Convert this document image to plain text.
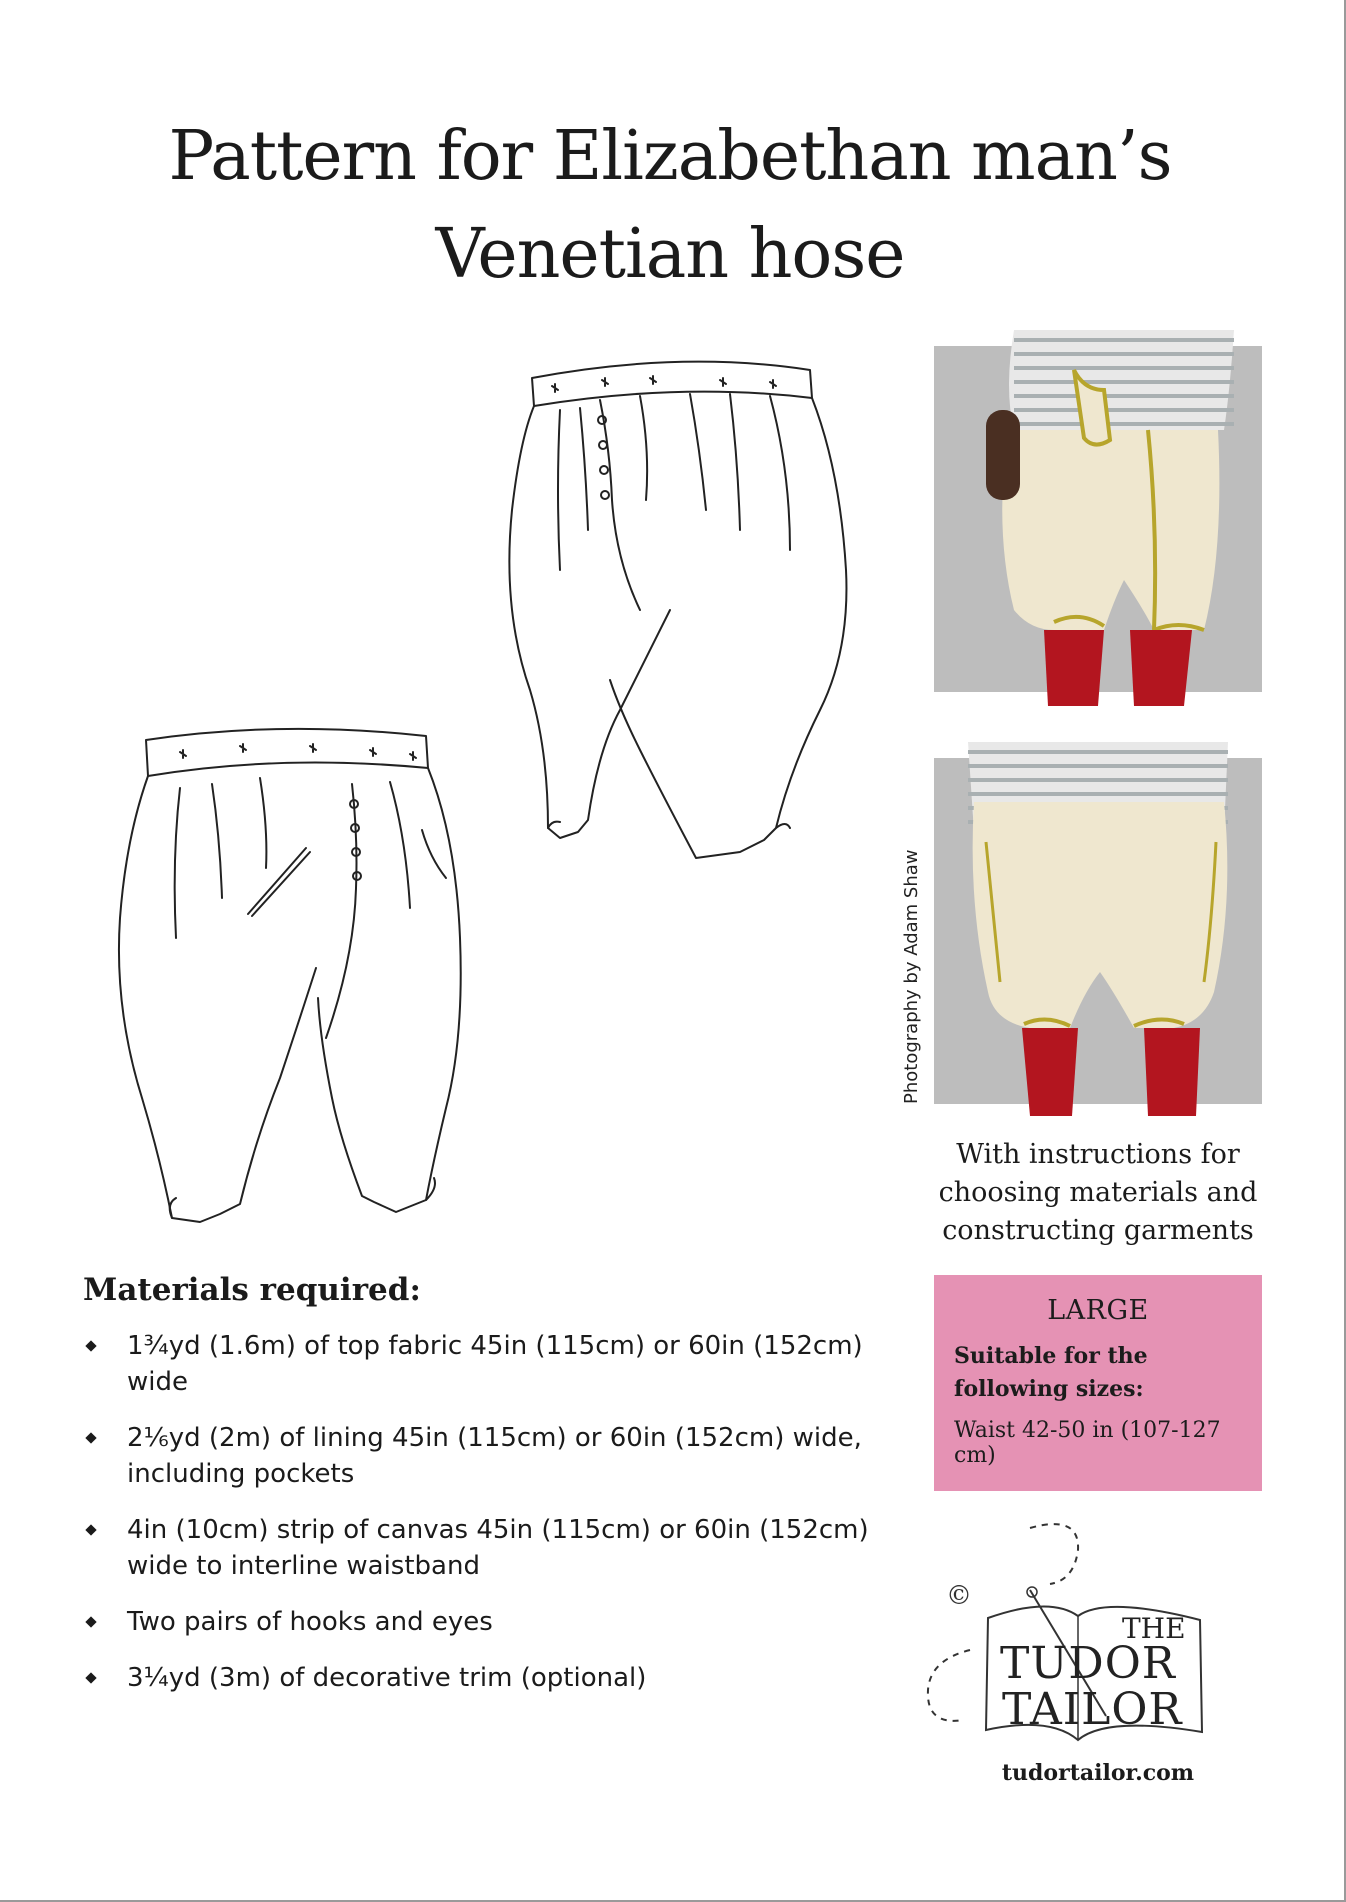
Pattern for Elizabethan man’s
Venetian hose
Photography by Adam Shaw
With instructions for
choosing materials and
constructing garments
LARGE
Suitable for the following sizes:
Waist 42-50 in (107-127 cm)
©
THE
TUDOR
TAILOR
tudortailor.com
Materials required:
1¾yd (1.6m) of top fabric 45in (115cm) or 60in (152cm)
wide
2⅙yd (2m) of lining 45in (115cm) or 60in (152cm) wide,
including pockets
4in (10cm) strip of canvas 45in (115cm) or 60in (152cm)
wide to interline waistband
Two pairs of hooks and eyes
3¼yd (3m) of decorative trim (optional)
